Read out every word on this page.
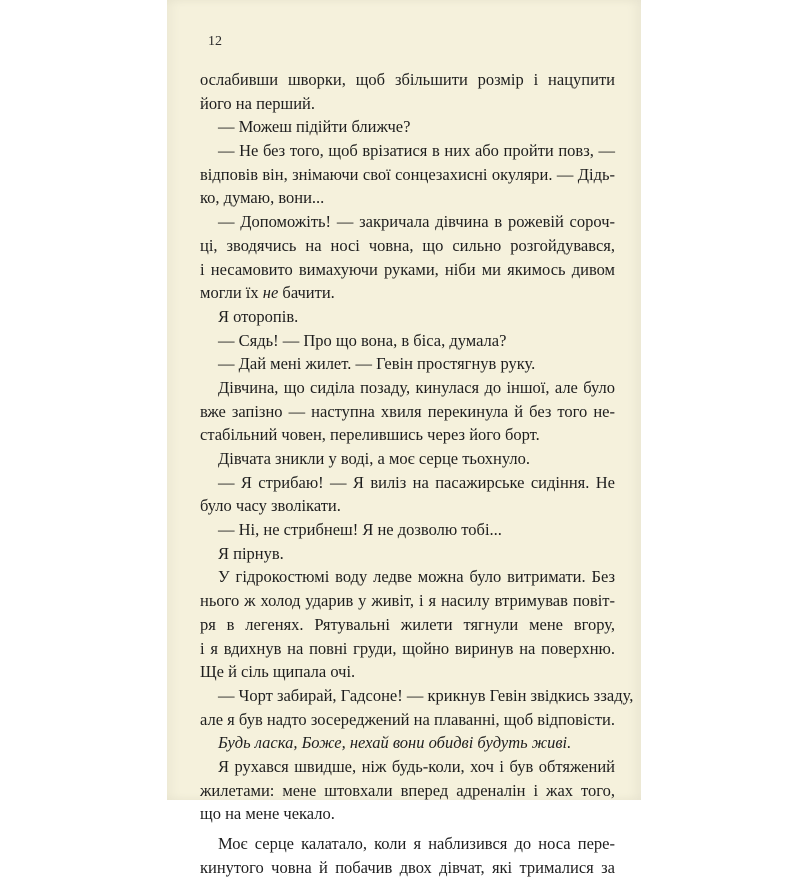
12
ослабивши шворки, щоб збільшити розмір і нацупити
його на перший.
— Можеш підійти ближче?
— Не без того, щоб врізатися в них або пройти повз, —
відповів він, знімаючи свої сонцезахисні окуляри. — Дідь-
ко, думаю, вони...
— Допоможіть! — закричала дівчина в рожевій сороч-
ці, зводячись на носі човна, що сильно розгойдувався,
і несамовито вимахуючи руками, ніби ми якимось дивом
могли їх не бачити.
Я оторопів.
— Сядь! — Про що вона, в біса, думала?
— Дай мені жилет. — Гевін простягнув руку.
Дівчина, що сиділа позаду, кинулася до іншої, але було
вже запізно — наступна хвиля перекинула й без того не-
стабільний човен, перелившись через його борт.
Дівчата зникли у воді, а моє серце тьохнуло.
— Я стрибаю! — Я виліз на пасажирське сидіння. Не
було часу зволікати.
— Ні, не стрибнеш! Я не дозволю тобі...
Я пірнув.
У гідрокостюмі воду ледве можна було витримати. Без
нього ж холод ударив у живіт, і я насилу втримував повіт-
ря в легенях. Рятувальні жилети тягнули мене вгору,
і я вдихнув на повні груди, щойно виринув на поверхню.
Ще й сіль щипала очі.
— Чорт забирай, Гадсоне! — крикнув Гевін звідкись ззаду,
але я був надто зосереджений на плаванні, щоб відповісти.
Будь ласка, Боже, нехай вони обидві будуть живі.
Я рухався швидше, ніж будь-коли, хоч і був обтяжений
жилетами: мене штовхали вперед адреналін і жах того,
що на мене чекало.
Моє серце калатало, коли я наблизився до носа пере-
кинутого човна й побачив двох дівчат, які трималися за
